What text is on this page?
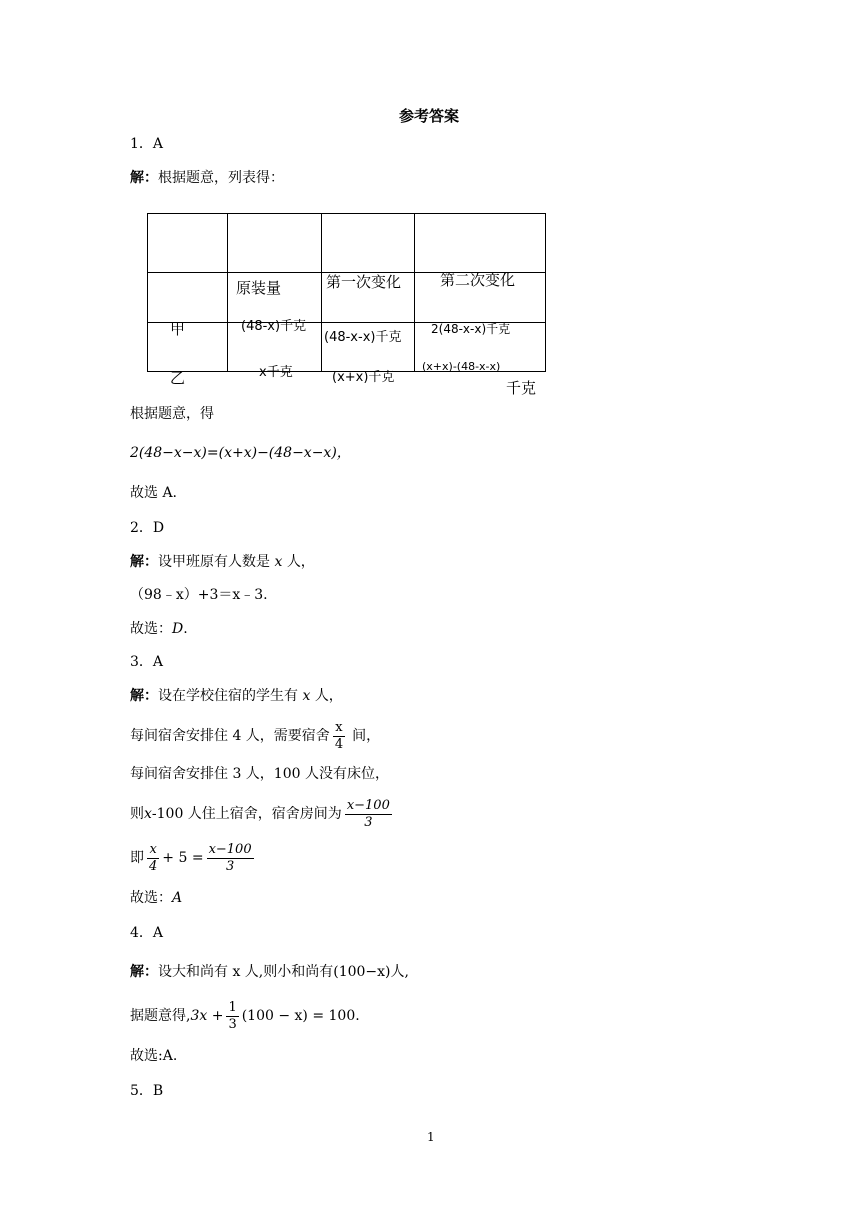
参考答案
1．A
解：根据题意，列表得：

	原装量	第一次变化	第二次变化

甲	(48-x)千克	(48-x-x)千克	2(48-x-x)千克

乙	x千克	(x+x)千克	(x+x)-(48-x-x)
千克
根据题意，得
2(48−x−x)=(x+x)−(48−x−x)，
故选 A.
2．D
解：设甲班原有人数是 x 人，
（98﹣x）+3＝x﹣3.
故选：D.
3．A
解：设在学校住宿的学生有 x 人，
每间宿舍安排住 4 人，需要宿舍 $\frac{x}{4}$ 间，
每间宿舍安排住 3 人，100 人没有床位，
则 x -100 人住上宿舍，宿舍房间为 $\frac{x-100}{3}$
即 $\frac{x}{4} + 5 = \frac{x-100}{3}$
故选：A
4．A
解：设大和尚有 x 人,则小和尚有(100−x)人,
据题意得, $3x + \frac{1}{3} (100 - x) = 100$.
故选:A.
5．B
1
